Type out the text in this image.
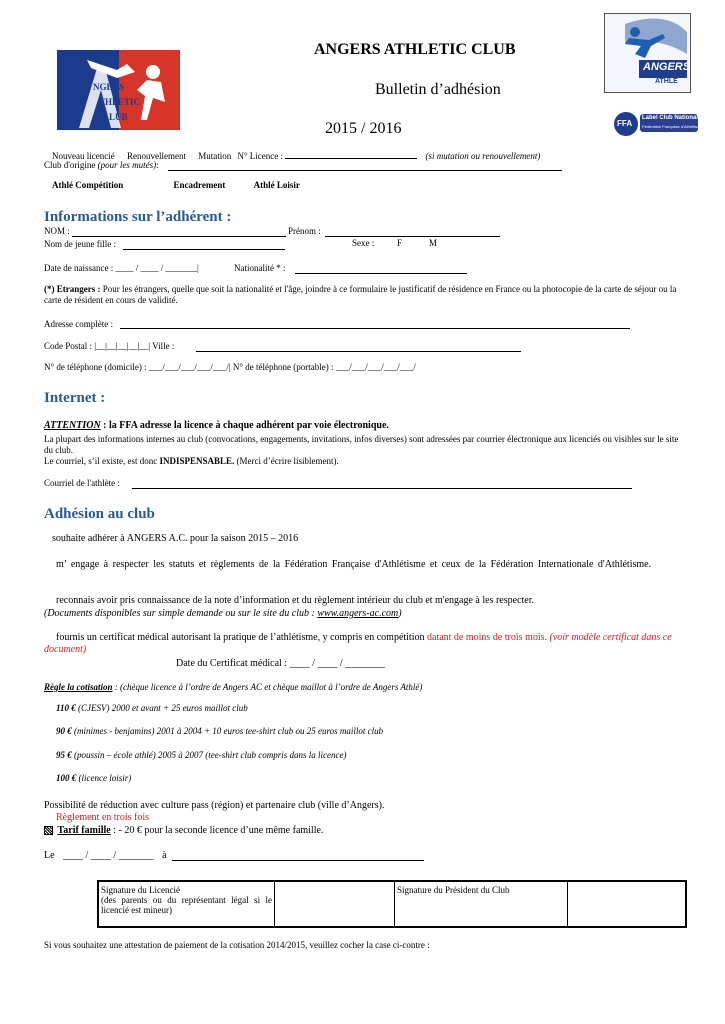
NGERS
THLETIC
LUB
ANGERS ATHLETIC CLUB
Bulletin d’adhésion
2015 / 2016
ANGERS
ATHLE
FFA
Label Club National
Fédération Française d'Athlétisme
Nouveau licencié Renouvellement Mutation N° Licence :	(si mutation ou renouvellement)
Club d'origine (pour les mutés):
Athlé Compétition	Encadrement	Athlé Loisir
Informations sur l’adhérent :
NOM :	Prénom :
Nom de jeune fille :	Sexe :	F	M
Date de naissance : ____ / ____ / _______|	Nationalité * :
(*) Etrangers : Pour les étrangers, quelle que soit la nationalité et l'âge, joindre à ce formulaire le justificatif de résidence en France ou la photocopie de la carte de séjour ou la carte de résident en cours de validité.
Adresse complète :
Code Postal : |__|__|__|__|__| Ville :
N° de téléphone (domicile) : ___/___/___/___/___/| N° de téléphone (portable) : ___/___/___/___/___/
Internet :
ATTENTION : la FFA adresse la licence à chaque adhérent par voie électronique.
La plupart des informations internes au club (convocations, engagements, invitations, infos diverses) sont adressées par courrier électronique aux licenciés ou visibles sur le site du club.
Le courriel, s’il existe, est donc INDISPENSABLE. (Merci d’écrire lisiblement).
Courriel de l'athlète :
Adhésion au club
souhaite adhérer à ANGERS A.C. pour la saison 2015 – 2016
m’ engage à respecter les statuts et règlements de la Fédération Française d'Athlétisme et ceux de la Fédération Internationale d'Athlétisme.
reconnais avoir pris connaissance de la note d’information et du règlement intérieur du club et m'engage à les respecter.
(Documents disponibles sur simple demande ou sur le site du club : www.angers-ac.com)
fournis un certificat médical autorisant la pratique de l’athlétisme, y compris en compétition datant de moins de trois mois. (voir modèle certificat dans ce document)
Date du Certificat médical : ____ / ____ / ________
Règle la cotisation : (chèque licence à l’ordre de Angers AC et chèque maillot à l’ordre de Angers Athlé)
110 € (CJESV) 2000 et avant + 25 euros maillot club
90 € (minimes - benjamins) 2001 à 2004 + 10 euros tee-shirt club ou 25 euros maillot club
95 € (poussin – école athlé) 2005 à 2007 (tee-shirt club compris dans la licence)
100 € (licence loisir)
Possibilité de réduction avec culture pass (région) et partenaire club (ville d’Angers).
Règlement en trois fois
Tarif famille : - 20 € pour la seconde licence d’une même famille.
Le ____ / ____ / _______ à
Signature du Licencié
(des parents ou du représentant légal si le licencié est mineur)
Signature du Président du Club
Si vous souhaitez une attestation de paiement de la cotisation 2014/2015, veuillez cocher la case ci-contre :
